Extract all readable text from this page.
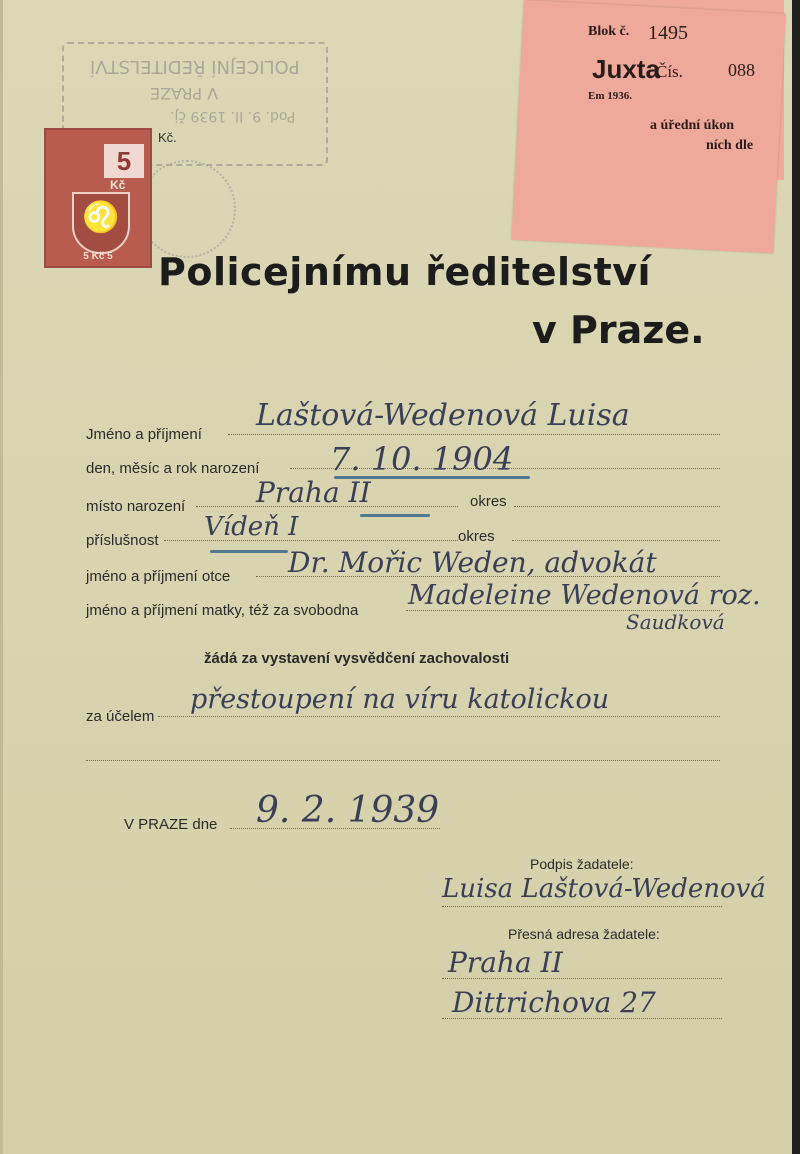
POLICEJNÍ ŘEDITELSTVÍ
V PRAZE
Pod. 9. II. 1939 čj.
5
Kč
♌
5 Kč 5
Kč.
Blok č. 1495
Juxta
Čís.	088
Em 1936.
a úřední úkon
ních dle
Policejnímu ředitelství
v Praze.
Jméno a příjmení
Laštová-Wedenová Luisa
den, měsíc a rok narození 7. 10. 1904
místo narození	Praha II	okres
příslušnost Vídeň I	okres
jméno a příjmení otce Dr. Mořic Weden, advokát
jméno a příjmení matky, též za svobodna Madeleine Wedenová roz.
Saudková
žádá za vystavení vysvědčení zachovalosti
za účelem
přestoupení na víru katolickou
V PRAZE dne 9. 2. 1939
Podpis žadatele:
Luisa Laštová-Wedenová
Přesná adresa žadatele:
Praha II
Dittrichova 27
